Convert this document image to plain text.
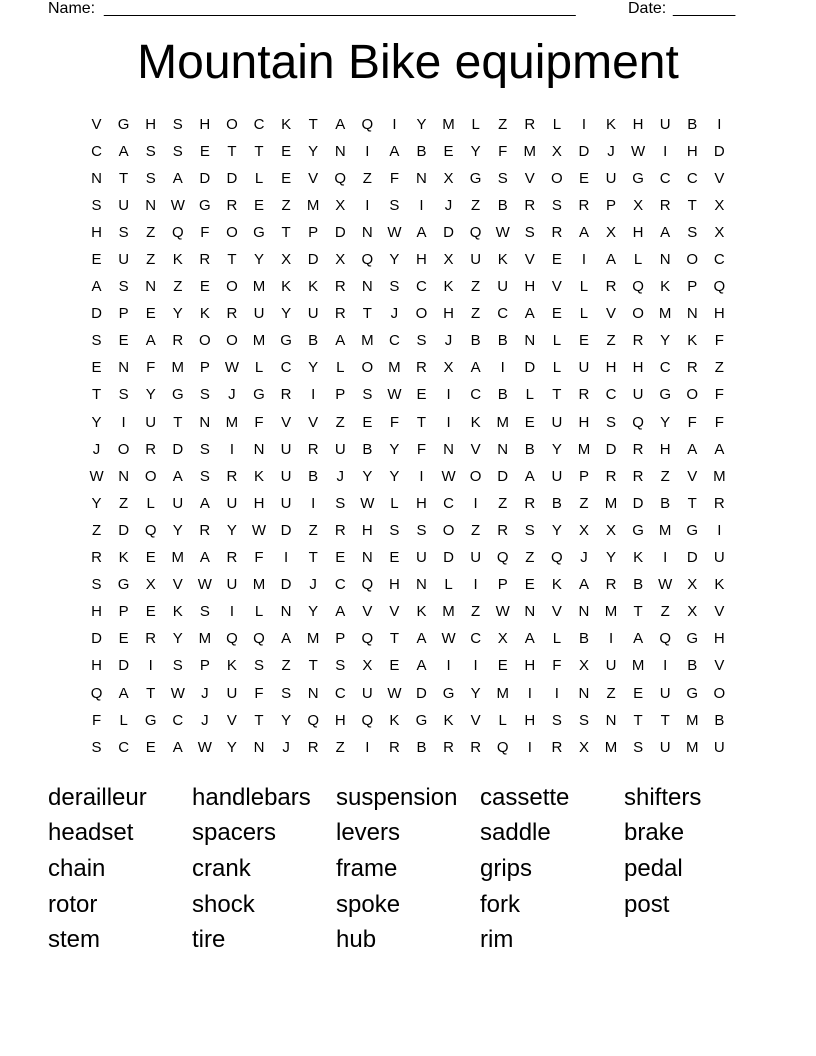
Name: _____________________________________________________	Date: _______
Mountain Bike equipment
V	G	H	S	H	O	C	K	T	A	Q	I	Y	M	L	Z	R	L	I	K	H	U	B	I
C	A	S	S	E	T	T	E	Y	N	I	A	B	E	Y	F	M	X	D	J	W	I	H	D
N	T	S	A	D	D	L	E	V	Q	Z	F	N	X	G	S	V	O	E	U	G	C	C	V
S	U	N W G	R	E	Z	M	X	I	S	I	J	Z	B	R	S	R	P	X	R	T	X
H	S	Z	Q	F	O	G	T	P	D	N W A	D	Q W S	R	A	X	H	A	S	X
E	U	Z	K	R	T	Y	X	D	X	Q	Y	H	X	U	K	V	E	I	A	L	N	O	C
A	S	N	Z	E	O M	K	K	R	N	S	C	K	Z	U	H	V	L	R	Q	K	P	Q
D	P	E	Y	K	R	U	Y	U	R	T	J	O	H	Z	C	A	E	L	V	O M	N	H
S	E	A	R	O	O M	G	B	A	M	C	S	J	B	B	N	L	E	Z	R	Y	K	F
E	N	F	M	P W	L	C	Y	L	O M	R	X	A	I	D	L	U	H	H	C	R	Z
T	S	Y	G	S	J	G	R	I	P	S W E	I	C	B	L	T	R	C	U	G	O	F
Y	I	U	T	N	M	F	V	V	Z	E	F	T	I	K	M	E	U	H	S	Q	Y	F	F
J	O	R	D	S	I	N	U	R	U	B	Y	F	N	V	N	B	Y	M	D	R	H	A	A
W N	O	A	S	R	K	U	B	J	Y	Y	I	W O	D	A	U	P	R	R	Z	V	M
Y	Z	L	U	A	U	H	U	I	S W	L	H	C	I	Z	R	B	Z	M	D	B	T	R
Z	D	Q	Y	R	Y W D	Z	R	H	S	S	O	Z	R	S	Y	X	X	G M	G	I
R	K	E	M	A	R	F	I	T	E	N	E	U	D	U	Q	Z	Q	J	Y	K	I	D	U
S	G	X	V W U	M	D	J	C	Q	H	N	L	I	P	E	K	A	R	B W X	K
H	P	E	K	S	I	L	N	Y	A	V	V	K	M	Z	W N	V	N	M	T	Z	X	V
D	E	R	Y	M	Q	Q	A	M	P	Q	T	A W C	X	A	L	B	I	A	Q	G	H
H	D	I	S	P	K	S	Z	T	S	X	E	A	I	I	E	H	F	X	U	M	I	B	V
Q	A	T	W	J	U	F	S	N	C	U W D	G	Y	M	I	I	N	Z	E	U	G	O
F	L	G	C	J	V	T	Y	Q	H	Q	K	G	K	V	L	H	S	S	N	T	T	M	B
S	C	E	A W Y	N	J	R	Z	I	R	B	R	R	Q	I	R	X	M	S	U	M	U
derailleur	handlebars	suspension cassette	shifters
headset	spacers	levers	saddle	brake
chain	crank	frame	grips	pedal
rotor	shock	spoke	fork	post
stem	tire	hub	rim
